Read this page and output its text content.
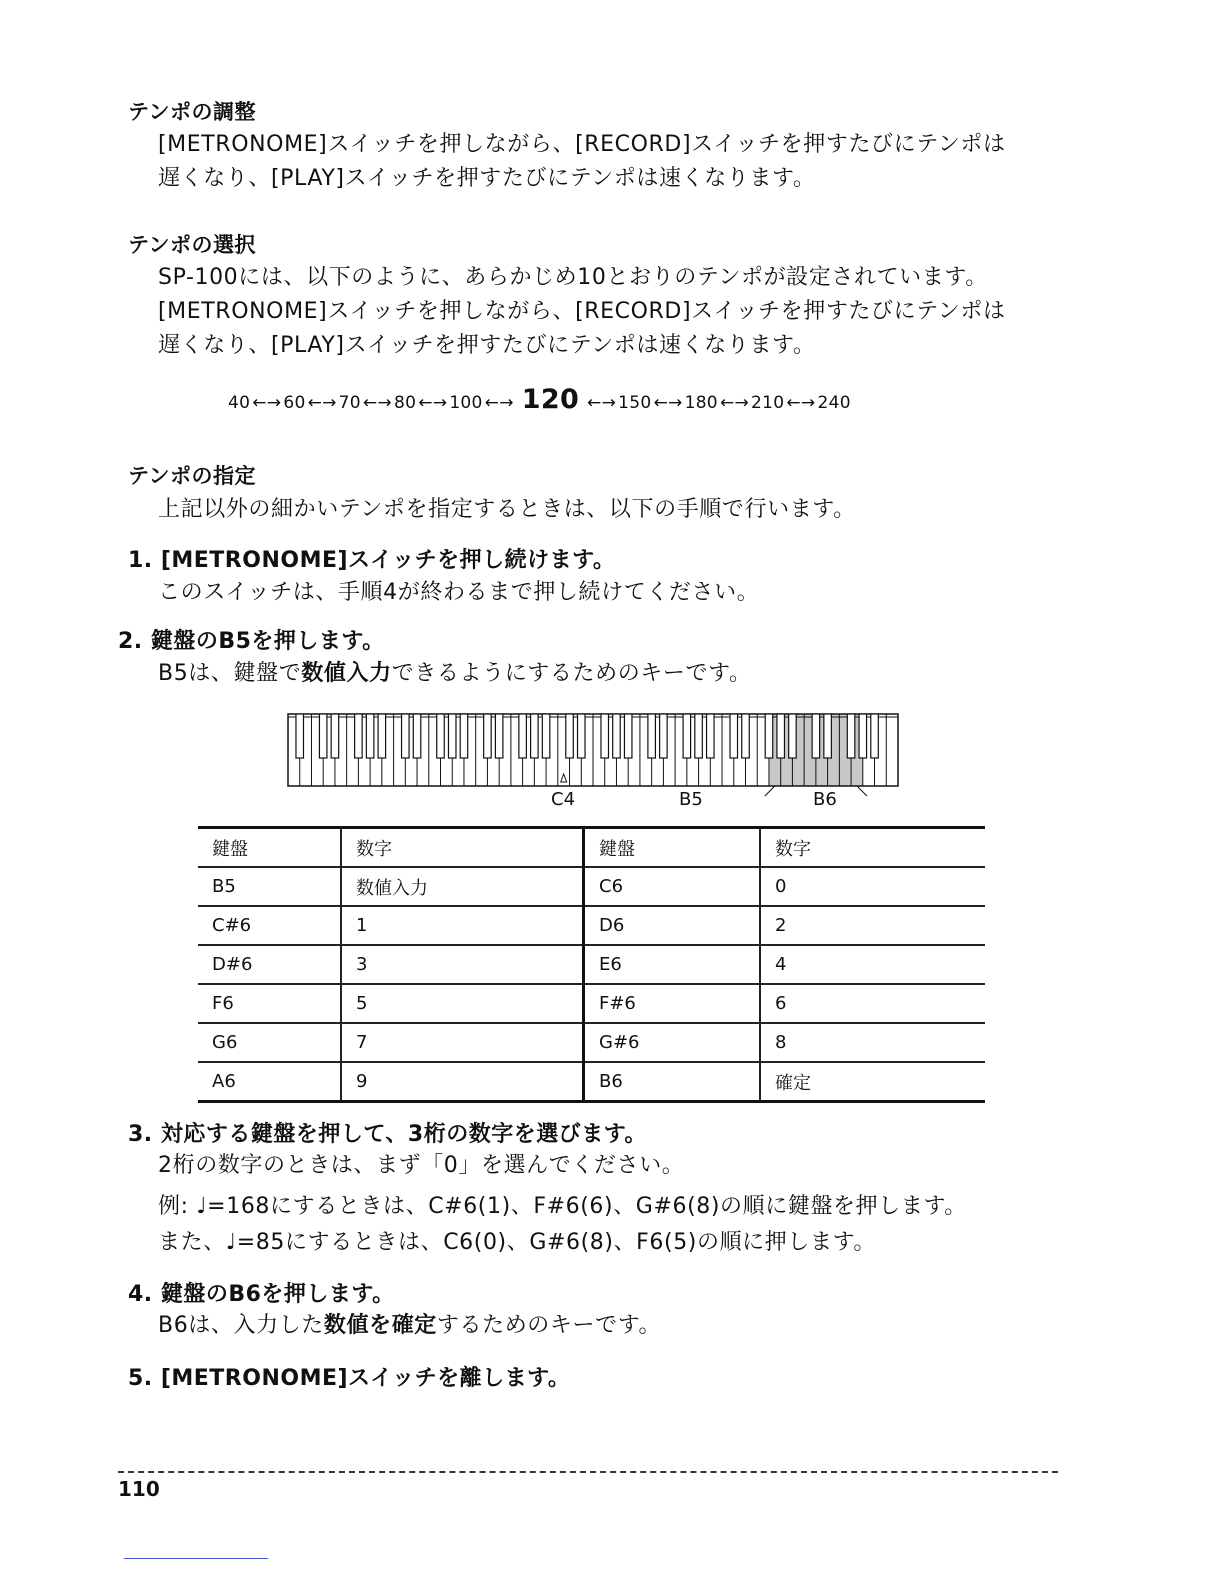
テンポの調整
[METRONOME]スイッチを押しながら、[RECORD]スイッチを押すたびにテンポは
遅くなり、[PLAY]スイッチを押すたびにテンポは速くなります。
テンポの選択
SP-100には、以下のように、あらかじめ10とおりのテンポが設定されています。
[METRONOME]スイッチを押しながら、[RECORD]スイッチを押すたびにテンポは
遅くなり、[PLAY]スイッチを押すたびにテンポは速くなります。
40 ←→ 60 ←→ 70 ←→ 80 ←→ 100 ←→ 120 ←→ 150 ←→ 180 ←→ 210 ←→ 240
テンポの指定
上記以外の細かいテンポを指定するときは、以下の手順で行います。
1. [METRONOME]スイッチを押し続けます。
このスイッチは、手順4が終わるまで押し続けてください。
2. 鍵盤のB5を押します。
B5は、鍵盤で数値入力できるようにするためのキーです。
C4	B5	B6
鍵盤	数字	鍵盤	数字
B5	数値入力	C6	0
C#6	1	D6	2
D#6	3	E6	4
F6	5	F#6	6
G6	7	G#6	8
A6	9	B6	確定
3. 対応する鍵盤を押して、3桁の数字を選びます。
2桁の数字のときは、まず「0」を選んでください。
例: ♩=168にするときは、C#6(1)、F#6(6)、G#6(8)の順に鍵盤を押します。
また、♩=85にするときは、C6(0)、G#6(8)、F6(5)の順に押します。
4. 鍵盤のB6を押します。
B6は、入力した数値を確定するためのキーです。
5. [METRONOME]スイッチを離します。
110
